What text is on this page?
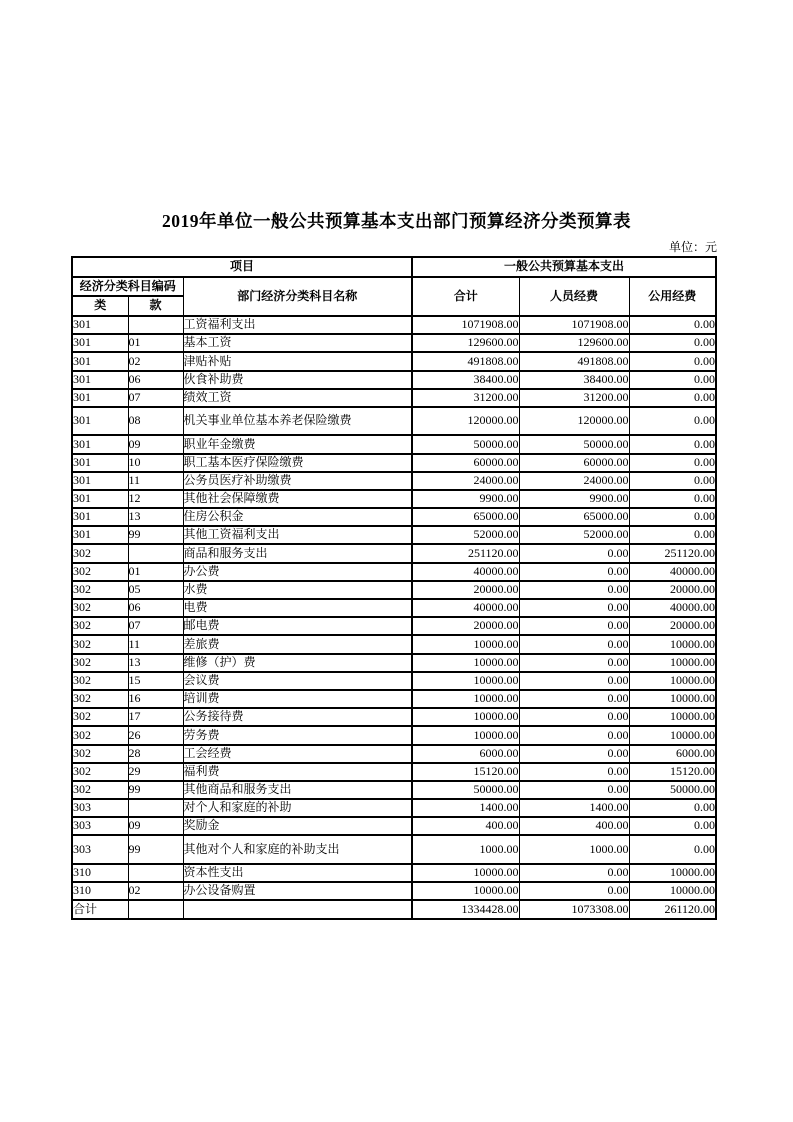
2019年单位一般公共预算基本支出部门预算经济分类预算表
单位：元
项目			一般公共预算基本支出		
经济分类科目编码		部门经济分类科目名称	合计	人员经费	公用经费
类	款				
301		工资福利支出	1071908.00	1071908.00	0.00
301	01	基本工资	129600.00	129600.00	0.00
301	02	津贴补贴	491808.00	491808.00	0.00
301	06	伙食补助费	38400.00	38400.00	0.00
301	07	绩效工资	31200.00	31200.00	0.00
301	08	机关事业单位基本养老保险缴费	120000.00	120000.00	0.00
301	09	职业年金缴费	50000.00	50000.00	0.00
301	10	职工基本医疗保险缴费	60000.00	60000.00	0.00
301	11	公务员医疗补助缴费	24000.00	24000.00	0.00
301	12	其他社会保障缴费	9900.00	9900.00	0.00
301	13	住房公积金	65000.00	65000.00	0.00
301	99	其他工资福利支出	52000.00	52000.00	0.00
302		商品和服务支出	251120.00	0.00	251120.00
302	01	办公费	40000.00	0.00	40000.00
302	05	水费	20000.00	0.00	20000.00
302	06	电费	40000.00	0.00	40000.00
302	07	邮电费	20000.00	0.00	20000.00
302	11	差旅费	10000.00	0.00	10000.00
302	13	维修（护）费	10000.00	0.00	10000.00
302	15	会议费	10000.00	0.00	10000.00
302	16	培训费	10000.00	0.00	10000.00
302	17	公务接待费	10000.00	0.00	10000.00
302	26	劳务费	10000.00	0.00	10000.00
302	28	工会经费	6000.00	0.00	6000.00
302	29	福利费	15120.00	0.00	15120.00
302	99	其他商品和服务支出	50000.00	0.00	50000.00
303		对个人和家庭的补助	1400.00	1400.00	0.00
303	09	奖励金	400.00	400.00	0.00
303	99	其他对个人和家庭的补助支出	1000.00	1000.00	0.00
310		资本性支出	10000.00	0.00	10000.00
310	02	办公设备购置	10000.00	0.00	10000.00
合计			1334428.00	1073308.00	261120.00
